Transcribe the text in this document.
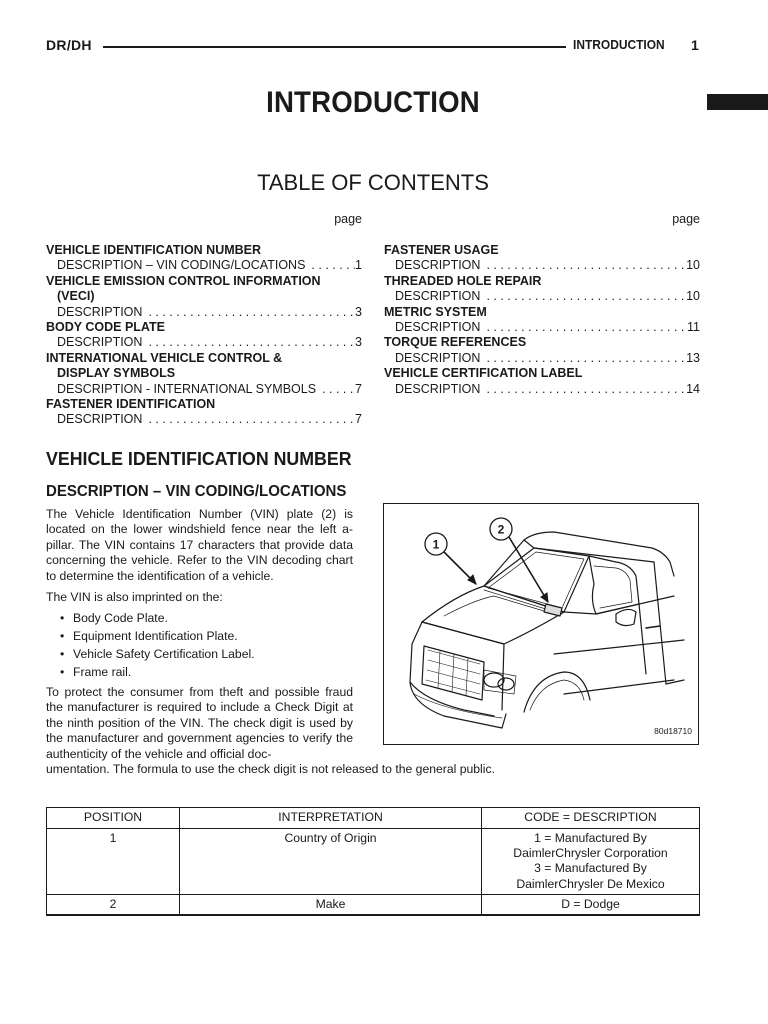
DR/DH	INTRODUCTION 1
INTRODUCTION
TABLE OF CONTENTS
page
VEHICLE IDENTIFICATION NUMBER
DESCRIPTION – VIN CODING/LOCATIONS . . .	1
VEHICLE EMISSION CONTROL INFORMATION
(VECI)
DESCRIPTION . . .	3
BODY CODE PLATE
DESCRIPTION . . .	3
INTERNATIONAL VEHICLE CONTROL &
DISPLAY SYMBOLS
DESCRIPTION - INTERNATIONAL SYMBOLS . . .	7
FASTENER IDENTIFICATION
DESCRIPTION . . .	7
page
FASTENER USAGE
DESCRIPTION . . .	10
THREADED HOLE REPAIR
DESCRIPTION . . .	10
METRIC SYSTEM
DESCRIPTION . . .	11
TORQUE REFERENCES
DESCRIPTION . . .	13
VEHICLE CERTIFICATION LABEL
DESCRIPTION . . .	14
VEHICLE IDENTIFICATION NUMBER
DESCRIPTION – VIN CODING/LOCATIONS
The Vehicle Identification Number (VIN) plate (2) is located on the lower windshield fence near the left a-pillar. The VIN contains 17 characters that provide data concerning the vehicle. Refer to the VIN decoding chart to determine the identification of a vehicle.
The VIN is also imprinted on the:
• Body Code Plate.
• Equipment Identification Plate.
• Vehicle Safety Certification Label.
• Frame rail.
To protect the consumer from theft and possible fraud the manufacturer is required to include a Check Digit at the ninth position of the VIN. The check digit is used by the manufacturer and government agencies to verify the authenticity of the vehicle and official doc-
umentation. The formula to use the check digit is not released to the general public.
1
2
80d18710
POSITION	INTERPRETATION	CODE = DESCRIPTION
1	Country of Origin	1 = Manufactured By
DaimlerChrysler Corporation
3 = Manufactured By
DaimlerChrysler De Mexico

2	Make	D = Dodge
